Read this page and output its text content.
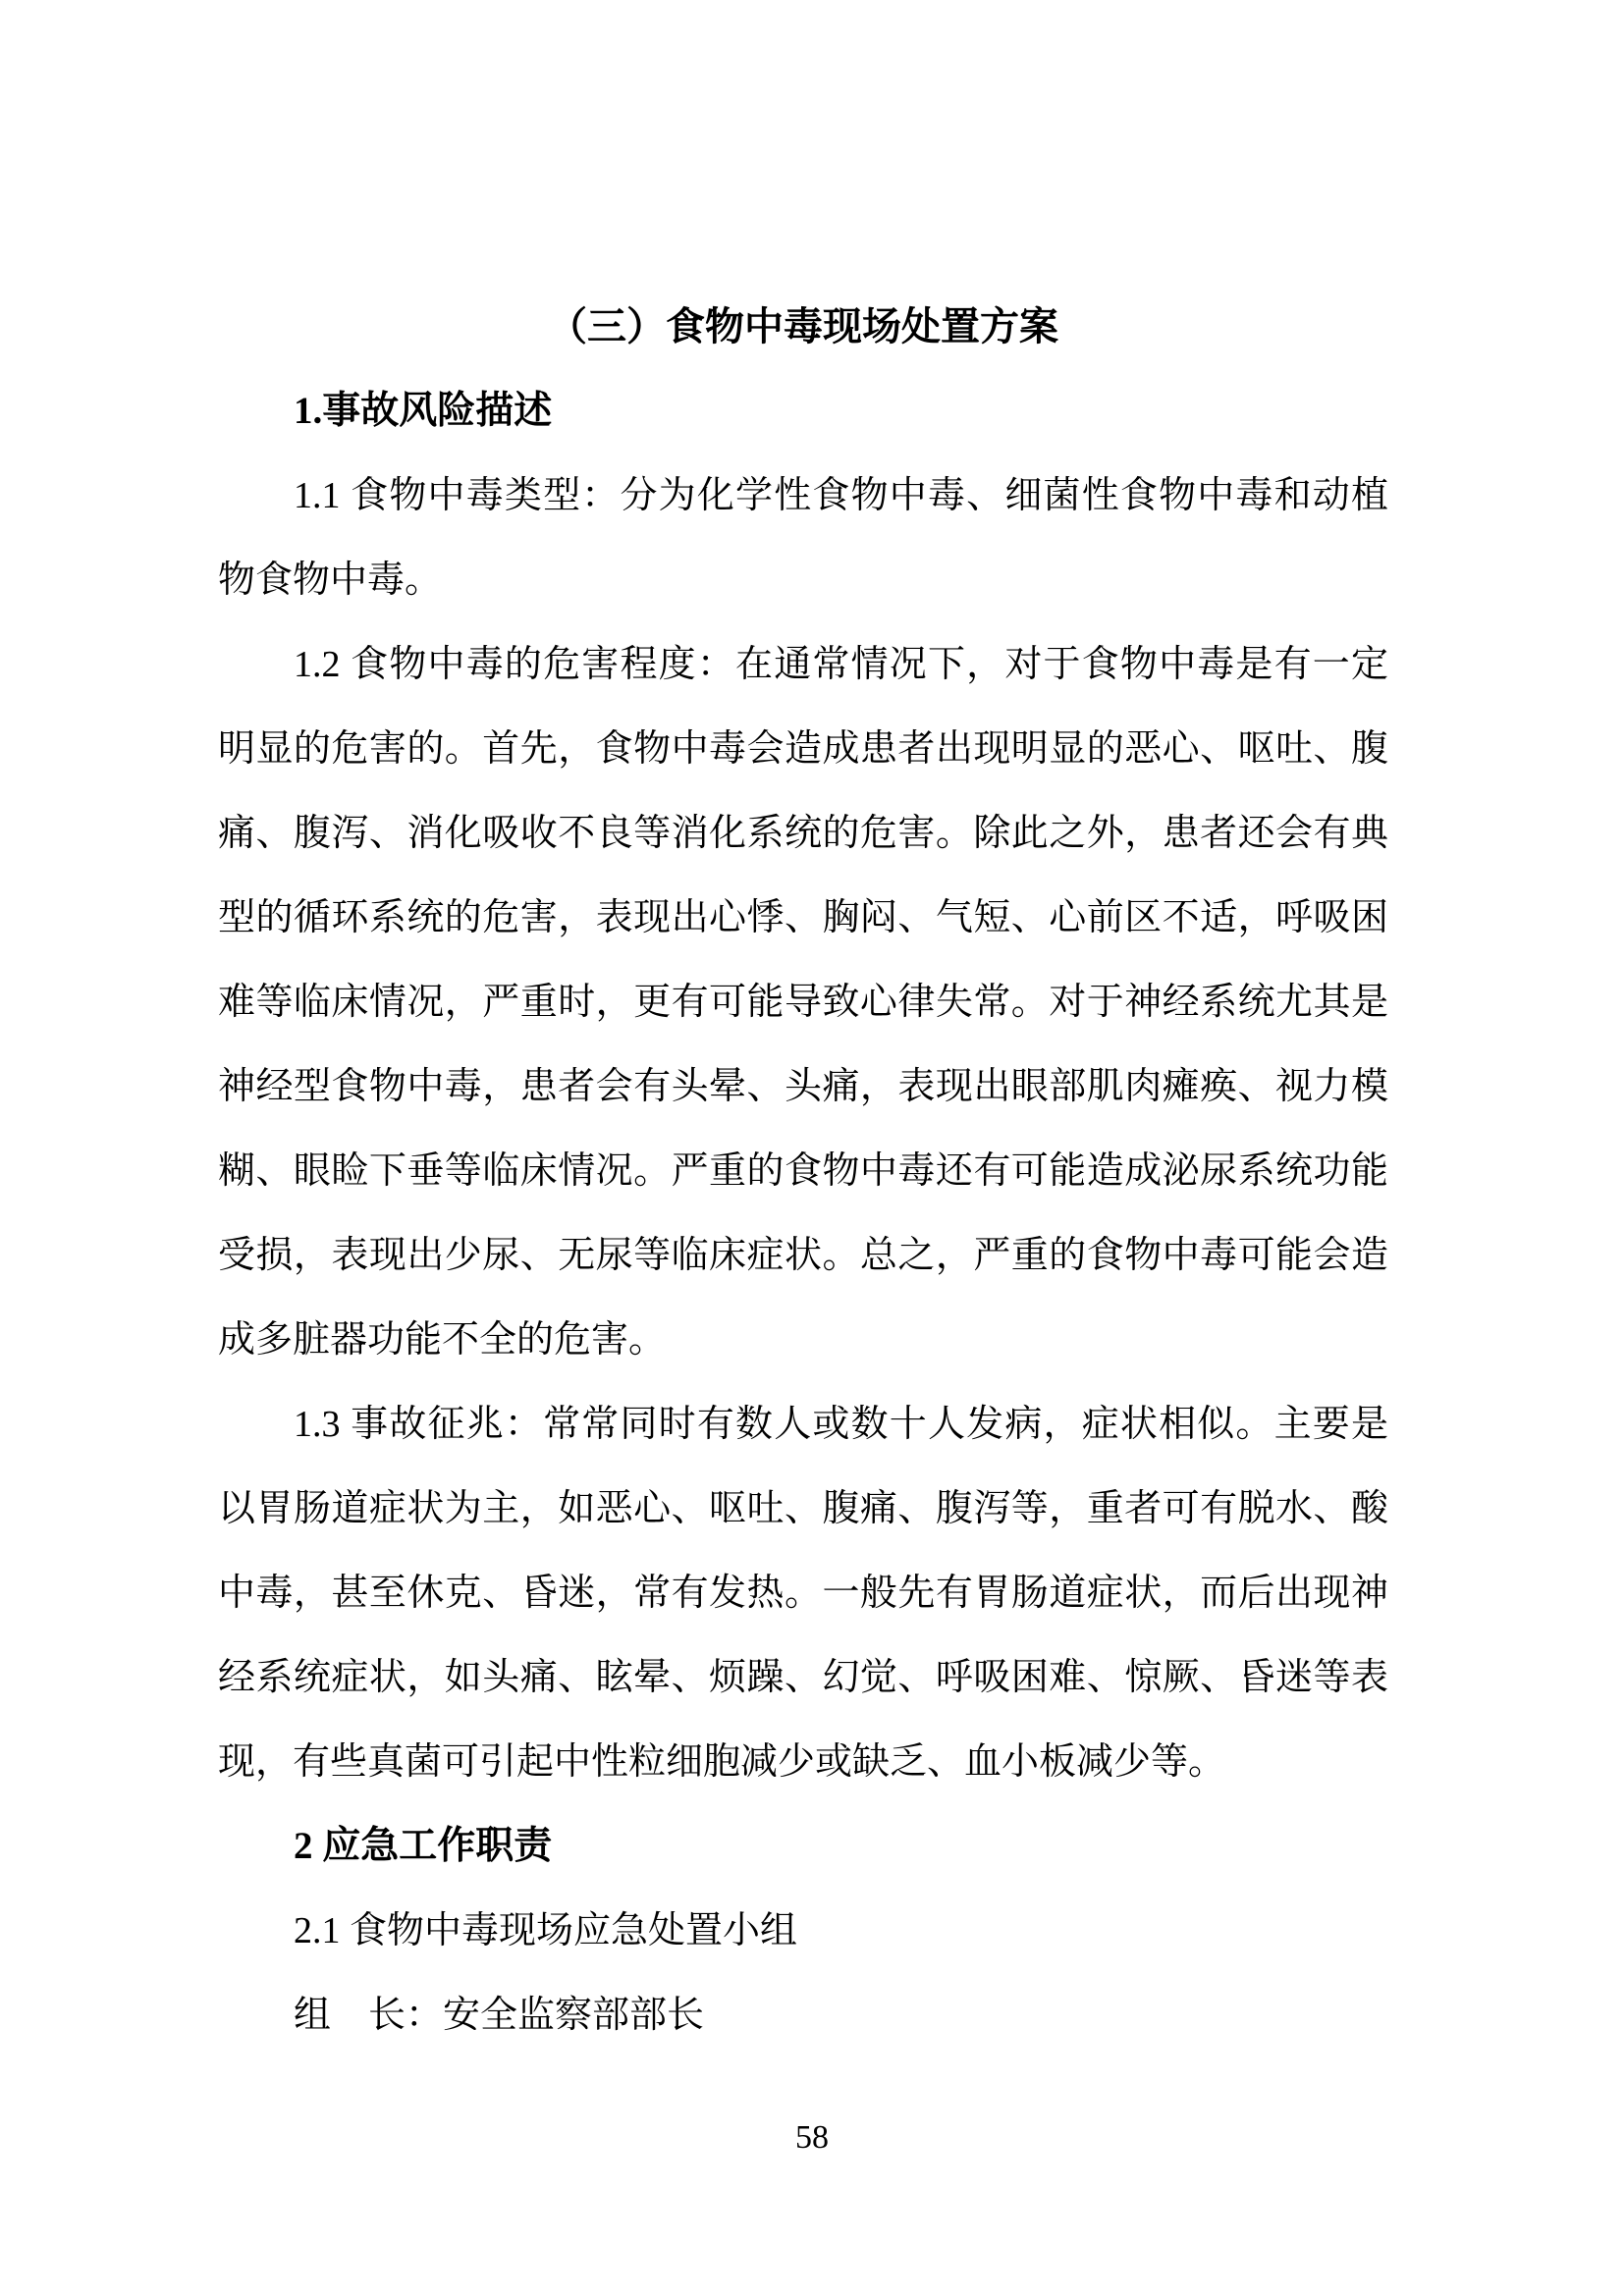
（三）食物中毒现场处置方案
1.事故风险描述

1.1 食物中毒类型：分为化学性食物中毒、细菌性食物中毒和动植物食物中毒。

1.2 食物中毒的危害程度：在通常情况下，对于食物中毒是有一定明显的危害的。首先，食物中毒会造成患者出现明显的恶心、呕吐、腹痛、腹泻、消化吸收不良等消化系统的危害。除此之外，患者还会有典型的循环系统的危害，表现出心悸、胸闷、气短、心前区不适，呼吸困难等临床情况，严重时，更有可能导致心律失常。对于神经系统尤其是神经型食物中毒，患者会有头晕、头痛，表现出眼部肌肉瘫痪、视力模糊、眼睑下垂等临床情况。严重的食物中毒还有可能造成泌尿系统功能受损，表现出少尿、无尿等临床症状。总之，严重的食物中毒可能会造成多脏器功能不全的危害。

1.3 事故征兆：常常同时有数人或数十人发病，症状相似。主要是以胃肠道症状为主，如恶心、呕吐、腹痛、腹泻等，重者可有脱水、酸中毒，甚至休克、昏迷，常有发热。一般先有胃肠道症状，而后出现神经系统症状，如头痛、眩晕、烦躁、幻觉、呼吸困难、惊厥、昏迷等表现，有些真菌可引起中性粒细胞减少或缺乏、血小板减少等。

2 应急工作职责

2.1 食物中毒现场应急处置小组

组　长：安全监察部部长

58
